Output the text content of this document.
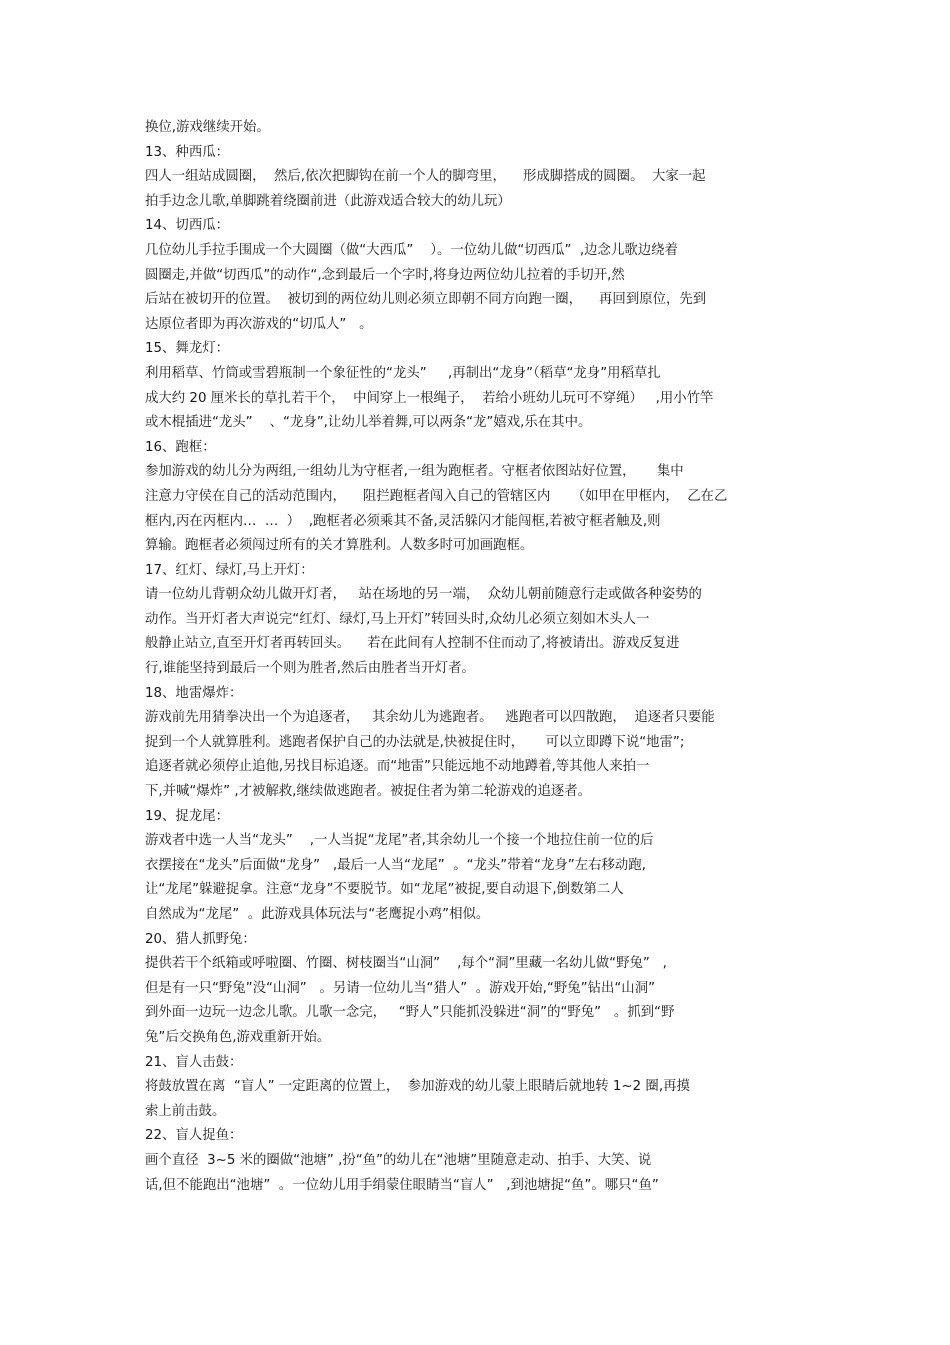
换位,游戏继续开始。
13、种西瓜：
四人一组站成圆圈，  然后,依次把脚钩在前一个人的脚弯里，    形成脚搭成的圆圈。  大家一起
拍手边念儿歌,单脚跳着绕圈前进（此游戏适合较大的幼儿玩）
14、切西瓜：
几位幼儿手拉手围成一个大圆圈（做“大西瓜”    ）。一位幼儿做“切西瓜”  ,边念儿歌边绕着
圆圈走,并做“切西瓜”的动作“,念到最后一个字时,将身边两位幼儿拉着的手切开,然
后站在被切开的位置。  被切到的两位幼儿则必须立即朝不同方向跑一圈，    再回到原位，先到
达原位者即为再次游戏的“切瓜人”   。
15、舞龙灯：
利用稻草、竹筒或雪碧瓶制一个象征性的“龙头”     ,再制出“龙身”（稻草“龙身”用稻草扎
成大约 20 厘米长的草扎若干个，  中间穿上一根绳子，  若给小班幼儿玩可不穿绳）   ,用小竹竿
或木棍插进“龙头”    、“龙身”,让幼儿举着舞,可以两条“龙”嬉戏,乐在其中。
16、跑框：
参加游戏的幼儿分为两组,一组幼儿为守框者,一组为跑框者。守框者依图站好位置，     集中
注意力守侯在自己的活动范围内，    阻拦跑框者闯入自己的管辖区内     （如甲在甲框内，  乙在乙
框内,丙在丙框内…  …  ）  ,跑框者必须乘其不备,灵活躲闪才能闯框,若被守框者触及,则
算输。跑框者必须闯过所有的关才算胜利。人数多时可加画跑框。
17、红灯、绿灯,马上开灯：
请一位幼儿背朝众幼儿做开灯者，   站在场地的另一端，  众幼儿朝前随意行走或做各种姿势的
动作。当开灯者大声说完“红灯、绿灯,马上开灯”转回头时,众幼儿必须立刻如木头人一
般静止站立,直至开灯者再转回头。    若在此间有人控制不住而动了,将被请出。游戏反复进
行,谁能坚持到最后一个则为胜者,然后由胜者当开灯者。
18、地雷爆炸：
游戏前先用猜拳决出一个为追逐者，   其余幼儿为逃跑者。   逃跑者可以四散跑，  追逐者只要能
捉到一个人就算胜利。逃跑者保护自己的办法就是,快被捉住时，     可以立即蹲下说“地雷”;
追逐者就必须停止追他,另找目标追逐。而“地雷”只能远地不动地蹲着,等其他人来拍一
下,并喊“爆炸” ,才被解救,继续做逃跑者。被捉住者为第二轮游戏的追逐者。
19、捉龙尾：
游戏者中选一人当“龙头”    ,一人当捉“龙尾”者,其余幼儿一个接一个地拉住前一位的后
衣摆接在“龙头”后面做“龙身”   ,最后一人当“龙尾”  。“龙头”带着“龙身”左右移动跑,
让“龙尾”躲避捉拿。注意“龙身”不要脱节。如“龙尾”被捉,要自动退下,倒数第二人
自然成为“龙尾”  。此游戏具体玩法与“老鹰捉小鸡”相似。
20、猎人抓野兔：
提供若干个纸箱或呼啦圈、竹圈、树枝圈当“山洞”    ,每个“洞”里藏一名幼儿做“野兔”   ,
但是有一只“野兔”没“山洞”   。另请一位幼儿当“猎人”  。游戏开始,“野兔”钻出“山洞”
到外面一边玩一边念儿歌。儿歌一念完，   “野人”只能抓没躲进“洞”的“野兔”   。抓到“野
兔”后交换角色,游戏重新开始。
21、盲人击鼓：
将鼓放置在离  “盲人” 一定距离的位置上，  参加游戏的幼儿蒙上眼睛后就地转 1~2 圈,再摸
索上前击鼓。
22、盲人捉鱼：
画个直径  3~5 米的圈做“池塘” ,扮“鱼”的幼儿在“池塘”里随意走动、拍手、大笑、说
话,但不能跑出“池塘”  。一位幼儿用手绢蒙住眼睛当“盲人”   ,到池塘捉“鱼”。哪只“鱼”
